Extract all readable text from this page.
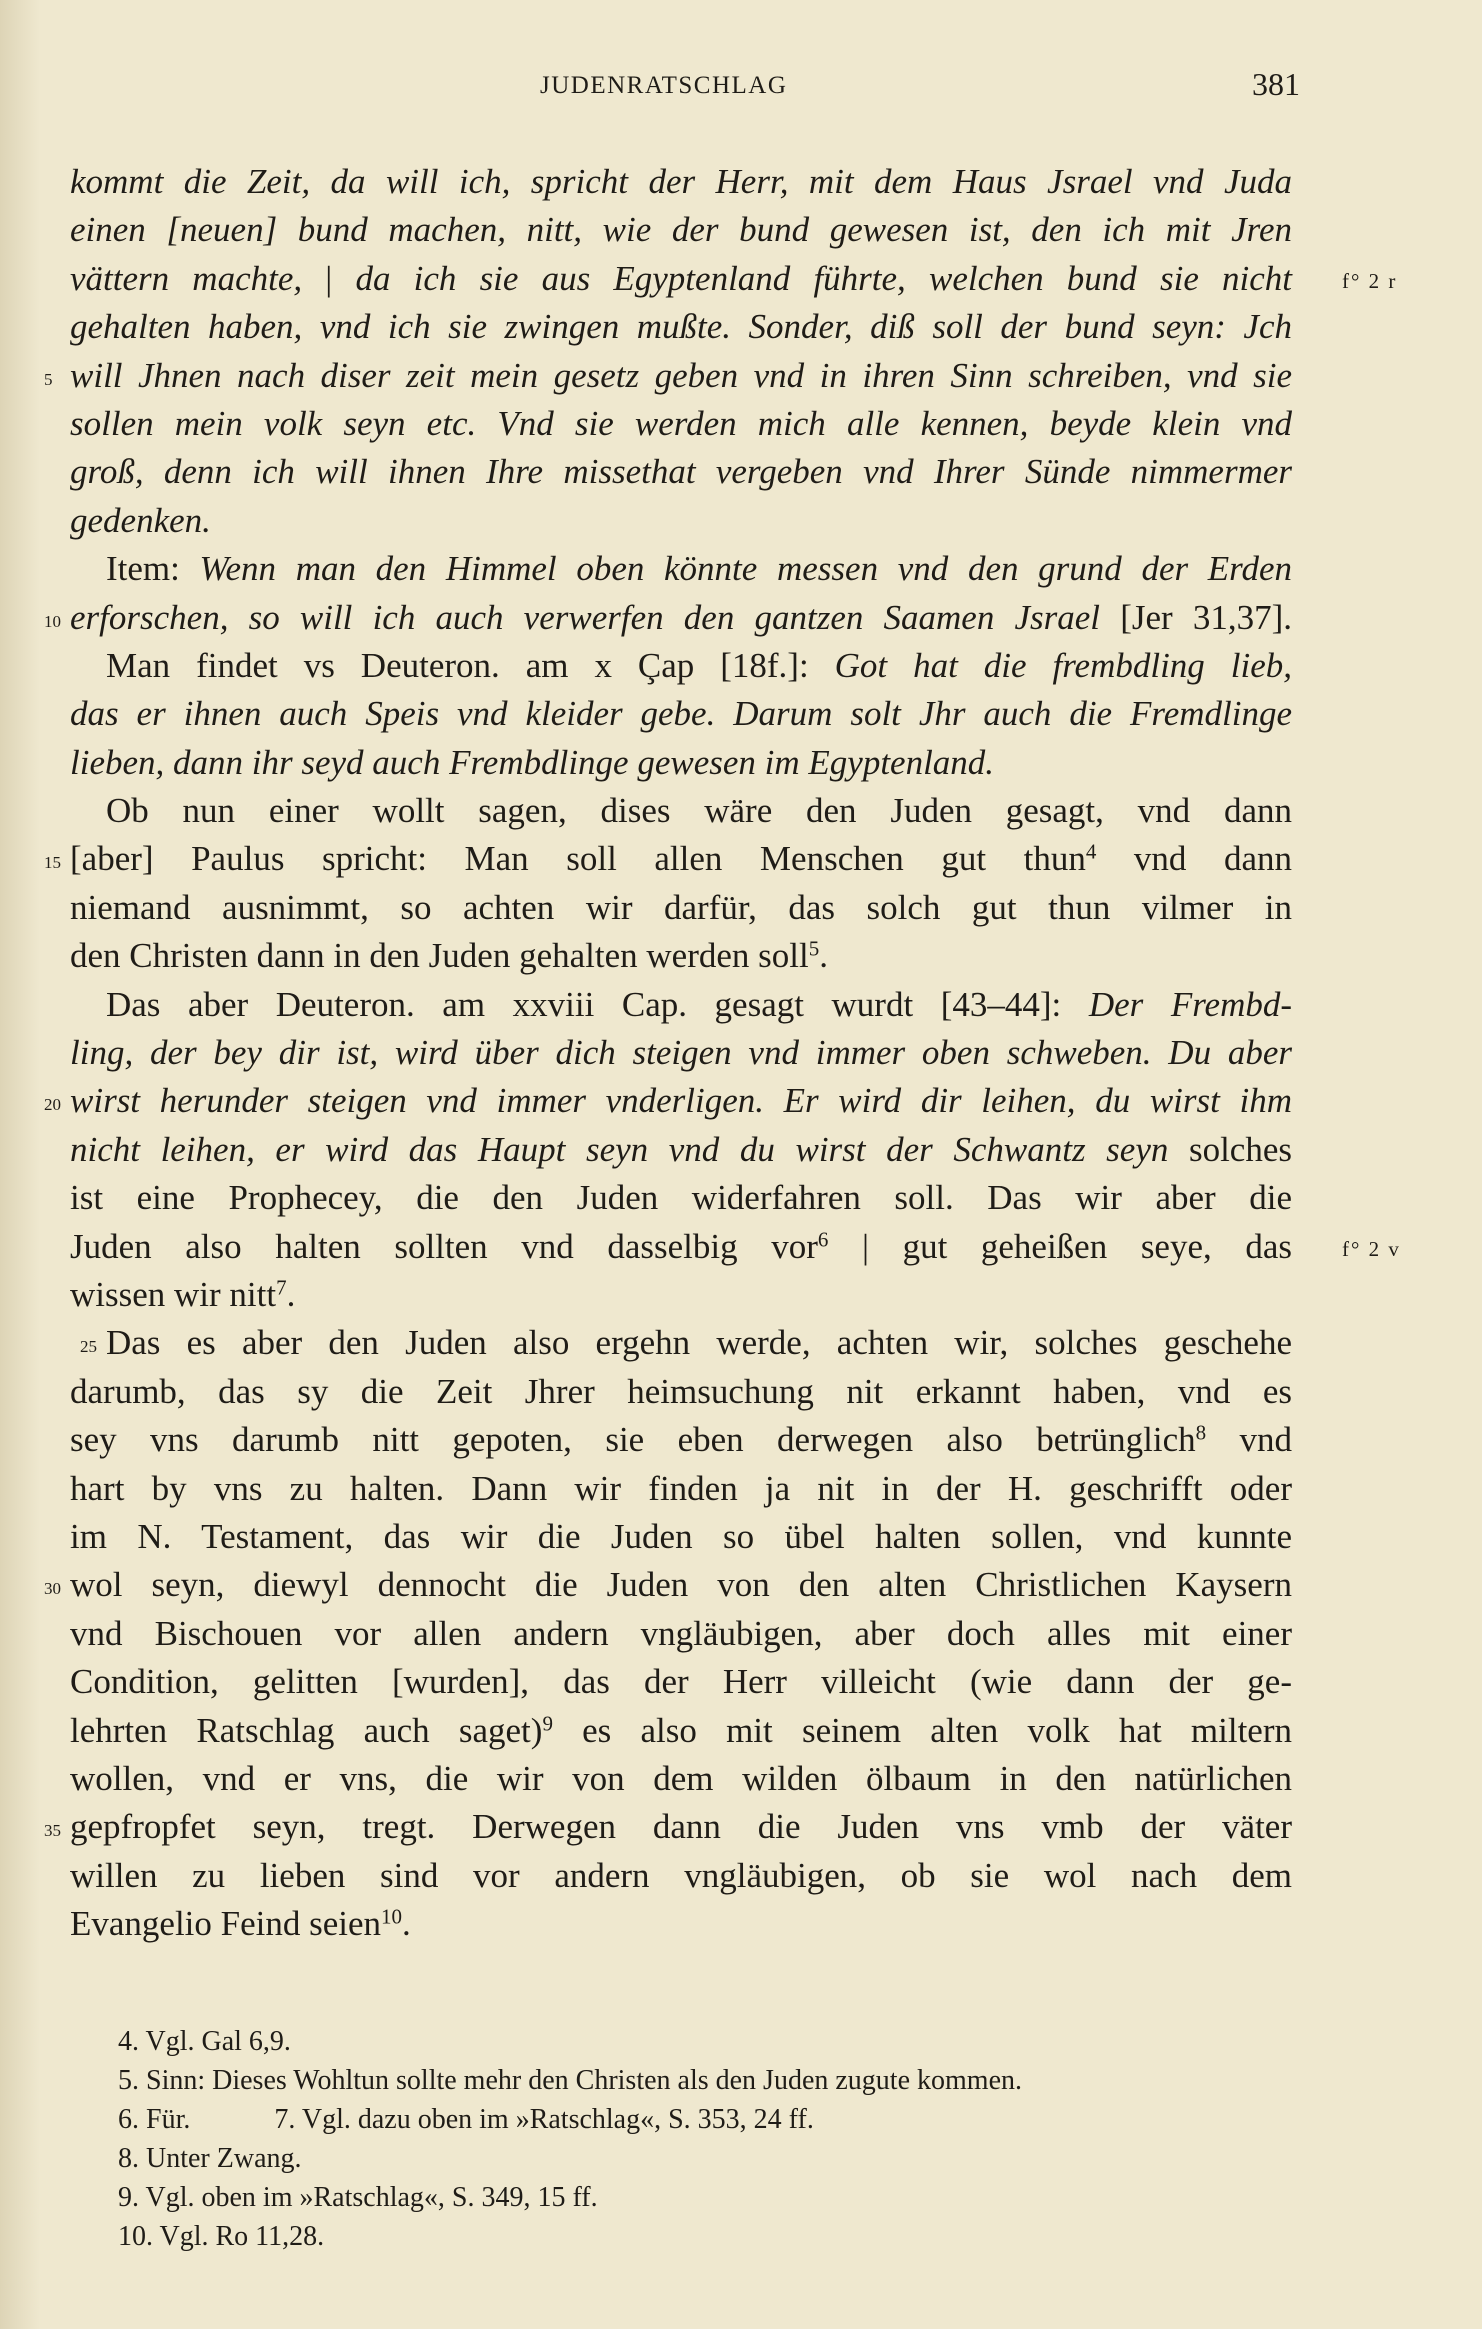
JUDENRATSCHLAG	381
kommt die Zeit, da will ich, spricht der Herr, mit dem Haus Jsrael vnd Juda
einen [neuen] bund machen, nitt, wie der bund gewesen ist, den ich mit Jren
vättern machte, | da ich sie aus Egyptenland führte, welchen bund sie nicht f° 2 r
gehalten haben, vnd ich sie zwingen mußte. Sonder, diß soll der bund seyn: Jch
5 will Jhnen nach diser zeit mein gesetz geben vnd in ihren Sinn schreiben, vnd sie
sollen mein volk seyn etc. Vnd sie werden mich alle kennen, beyde klein vnd
groß, denn ich will ihnen Ihre missethat vergeben vnd Ihrer Sünde nimmermer
gedenken.
Item: Wenn man den Himmel oben könnte messen vnd den grund der Erden
10 erforschen, so will ich auch verwerfen den gantzen Saamen Jsrael [Jer 31,37].
Man findet vs Deuteron. am x Çap [18f.]: Got hat die frembdling lieb,
das er ihnen auch Speis vnd kleider gebe. Darum solt Jhr auch die Fremdlinge
lieben, dann ihr seyd auch Frembdlinge gewesen im Egyptenland.
Ob nun einer wollt sagen, dises wäre den Juden gesagt, vnd dann
15 [aber] Paulus spricht: Man soll allen Menschen gut thun$^4$ vnd dann
niemand ausnimmt, so achten wir darfür, das solch gut thun vilmer in
den Christen dann in den Juden gehalten werden soll$^5$.
Das aber Deuteron. am xxviii Cap. gesagt wurdt [43–44]: Der Frembd-
ling, der bey dir ist, wird über dich steigen vnd immer oben schweben. Du aber
20 wirst herunder steigen vnd immer vnderligen. Er wird dir leihen, du wirst ihm
nicht leihen, er wird das Haupt seyn vnd du wirst der Schwantz seyn solches
ist eine Prophecey, die den Juden widerfahren soll. Das wir aber die
Juden also halten sollten vnd dasselbig vor$^6$ | gut geheißen seye, das f° 2 v
wissen wir nitt$^7$.
25 Das es aber den Juden also ergehn werde, achten wir, solches geschehe
darumb, das sy die Zeit Jhrer heimsuchung nit erkannt haben, vnd es
sey vns darumb nitt gepoten, sie eben derwegen also betrünglich$^8$ vnd
hart by vns zu halten. Dann wir finden ja nit in der H. geschrifft oder
im N. Testament, das wir die Juden so übel halten sollen, vnd kunnte
30 wol seyn, diewyl dennocht die Juden von den alten Christlichen Kaysern
vnd Bischouen vor allen andern vngläubigen, aber doch alles mit einer
Condition, gelitten [wurden], das der Herr villeicht (wie dann der ge-
lehrten Ratschlag auch saget)$^9$ es also mit seinem alten volk hat miltern
wollen, vnd er vns, die wir von dem wilden ölbaum in den natürlichen
35 gepfropfet seyn, tregt. Derwegen dann die Juden vns vmb der väter
willen zu lieben sind vor andern vngläubigen, ob sie wol nach dem
Evangelio Feind seien$^{10}$.
4. Vgl. Gal 6,9.
5. Sinn: Dieses Wohltun sollte mehr den Christen als den Juden zugute kommen.
6. Für.	7. Vgl. dazu oben im »Ratschlag«, S. 353, 24 ff.
8. Unter Zwang.
9. Vgl. oben im »Ratschlag«, S. 349, 15 ff.
10. Vgl. Ro 11,28.
